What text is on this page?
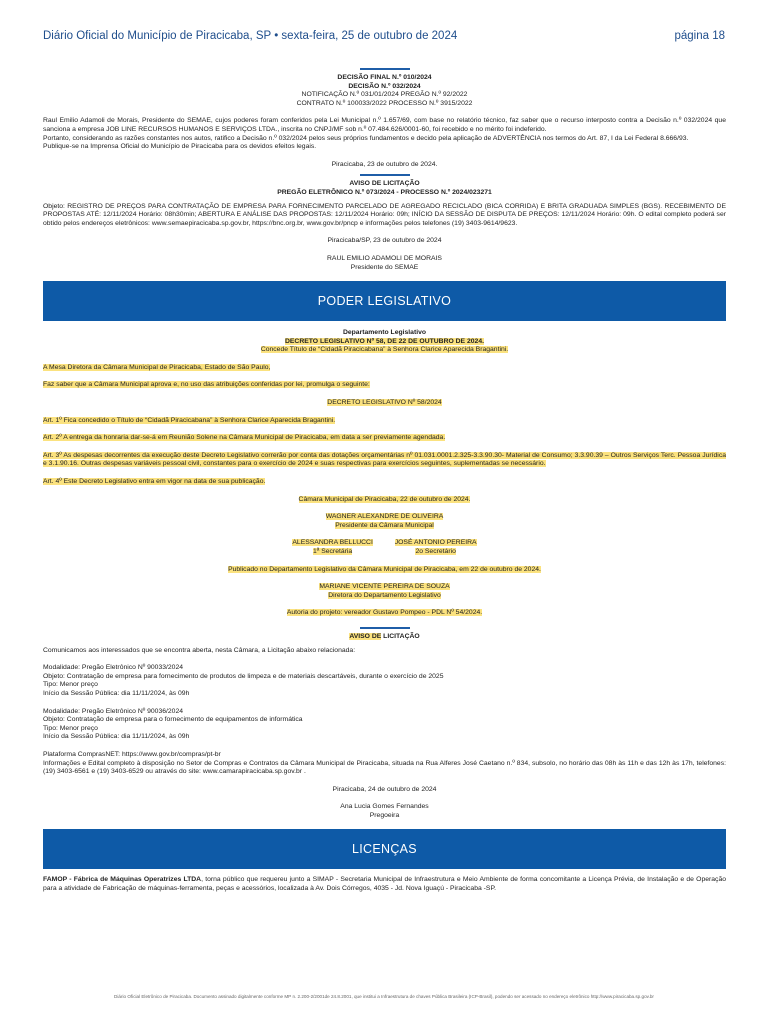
Diário Oficial do Município de Piracicaba, SP • sexta-feira, 25 de outubro de 2024	página 18

DECISÃO FINAL N.º 010/2024

DECISÃO N.º 032/2024

NOTIFICAÇÃO N.º 031/01/2024 PREGÃO N.º 92/2022

CONTRATO N.º 100033/2022 PROCESSO N.º 3915/2022

Raul Emilio Adamoli de Morais, Presidente do SEMAE, cujos poderes foram conferidos pela Lei Municipal n.º 1.657/69, com base no relatório técnico, faz saber que o recurso interposto contra a Decisão n.º 032/2024 que sanciona a empresa JOB LINE RECURSOS HUMANOS E SERVIÇOS LTDA., inscrita no CNPJ/MF sob n.º 07.484.626/0001-60, foi recebido e no mérito foi indeferido.

Portanto, considerando as razões constantes nos autos, ratifico a Decisão n.º 032/2024 pelos seus próprios fundamentos e decido pela aplicação de ADVERTÊNCIA nos termos do Art. 87, I da Lei Federal 8.666/93.

Publique-se na Imprensa Oficial do Município de Piracicaba para os devidos efeitos legais.

Piracicaba, 23 de outubro de 2024.

AVISO DE LICITAÇÃO

PREGÃO ELETRÔNICO N.º 073/2024 - PROCESSO N.º 2024/023271

Objeto: REGISTRO DE PREÇOS PARA CONTRATAÇÃO DE EMPRESA PARA FORNECIMENTO PARCELADO DE AGREGADO RECICLADO (BICA CORRIDA) E BRITA GRADUADA SIMPLES (BGS). RECEBIMENTO DE PROPOSTAS ATÉ: 12/11/2024 Horário: 08h30min; ABERTURA E ANÁLISE DAS PROPOSTAS: 12/11/2024 Horário: 09h; INÍCIO DA SESSÃO DE DISPUTA DE PREÇOS: 12/11/2024 Horário: 09h. O edital completo poderá ser obtido pelos endereços eletrônicos: www.semaepiracicaba.sp.gov.br, https://bnc.org.br, www.gov.br/pncp e informações pelos telefones (19) 3403-9614/9623.

Piracicaba/SP, 23 de outubro de 2024

RAUL EMILIO ADAMOLI DE MORAIS

Presidente do SEMAE

PODER LEGISLATIVO

Departamento Legislativo

DECRETO LEGISLATIVO Nº 58, DE 22 DE OUTUBRO DE 2024.

Concede Título de “Cidadã Piracicabana” à Senhora Clarice Aparecida Bragantini.

A Mesa Diretora da Câmara Municipal de Piracicaba, Estado de São Paulo,

Faz saber que a Câmara Municipal aprova e, no uso das atribuições conferidas por lei, promulga o seguinte:

DECRETO LEGISLATIVO Nº 58/2024

Art. 1º Fica concedido o Título de “Cidadã Piracicabana” à Senhora Clarice Aparecida Bragantini.

Art. 2º A entrega da honraria dar-se-á em Reunião Solene na Câmara Municipal de Piracicaba, em data a ser previamente agendada.

Art. 3º As despesas decorrentes da execução deste Decreto Legislativo correrão por conta das dotações orçamentárias nº 01.031.0001.2.325-3.3.90.30- Material de Consumo; 3.3.90.39 – Outros Serviços Terc. Pessoa Jurídica e 3.1.90.16. Outras despesas variáveis pessoal civil, constantes para o exercício de 2024 e suas respectivas para exercícios seguintes, suplementadas se necessário.

Art. 4º Este Decreto Legislativo entra em vigor na data de sua publicação.

Câmara Municipal de Piracicaba, 22 de outubro de 2024.

WAGNER ALEXANDRE DE OLIVEIRA

Presidente da Câmara Municipal

ALESSANDRA BELLUCCI

1ª Secretária

JOSÉ ANTONIO PEREIRA

2o Secretário

Publicado no Departamento Legislativo da Câmara Municipal de Piracicaba, em 22 de outubro de 2024.

MARIANE VICENTE PEREIRA DE SOUZA

Diretora do Departamento Legislativo

Autoria do projeto: vereador Gustavo Pompeo - PDL Nº 54/2024.

AVISO DE LICITAÇÃO

Comunicamos aos interessados que se encontra aberta, nesta Câmara, a Licitação abaixo relacionada:

Modalidade: Pregão Eletrônico Nº 90033/2024

Objeto: Contratação de empresa para fornecimento de produtos de limpeza e de materiais descartáveis, durante o exercício de 2025

Tipo: Menor preço

Início da Sessão Pública: dia 11/11/2024, às 09h

Modalidade: Pregão Eletrônico Nº 90036/2024

Objeto: Contratação de empresa para o fornecimento de equipamentos de informática

Tipo: Menor preço

Início da Sessão Pública: dia 11/11/2024, às 09h

Plataforma ComprasNET: https://www.gov.br/compras/pt-br

Informações e Edital completo à disposição no Setor de Compras e Contratos da Câmara Municipal de Piracicaba, situada na Rua Alferes José Caetano n.º 834, subsolo, no horário das 08h às 11h e das 12h às 17h, telefones: (19) 3403-6561 e (19) 3403-6529 ou através do site: www.camarapiracicaba.sp.gov.br .

Piracicaba, 24 de outubro de 2024

Ana Lucia Gomes Fernandes

Pregoeira

LICENÇAS

FAMOP - Fábrica de Máquinas Operatrizes LTDA, torna público que requereu junto a SIMAP - Secretaria Municipal de Infraestrutura e Meio Ambiente de forma concomitante a Licença Prévia, de Instalação e de Operação para a atividade de Fabricação de máquinas-ferramenta, peças e acessórios, localizada à Av. Dois Córregos, 4035 - Jd. Nova Iguaçú - Piracicaba -SP.

Diário Oficial Eletrônico de Piracicaba. Documento assinado digitalmente conforme MP n. 2.200-2/2001de 24.8.2001, que institui a Infraestrutura de chaves Pública Brasileira (ICP-Brasil), podendo ser acessado no endereço eletrônico http://www.piracicaba.sp.gov.br
